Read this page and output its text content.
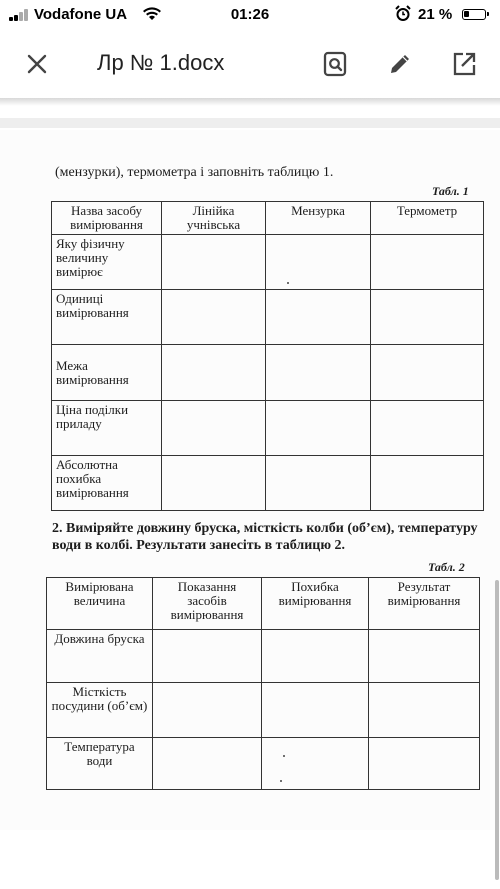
Vodafone UA	01:26	21 %
Лр № 1.docx
(мензурки), термометра і заповніть таблицю 1.
Табл. 1
Назва засобу вимірювання	Лінійка учнівська	Мензурка	Термометр
Яку фізичну величину вимірює			
Одиниці вимірювання			
Межа вимірювання			
Ціна поділки приладу			
Абсолютна похибка вимірювання			
2. Виміряйте довжину бруска, місткість колби (об’єм), температуру води в колбі. Результати занесіть в таблицю 2.
Табл. 2
Вимірювана величина	Показання засобів вимірювання	Похибка вимірювання	Результат вимірювання
Довжина бруска			
Місткість посудини (об’єм)			
Температура води			
